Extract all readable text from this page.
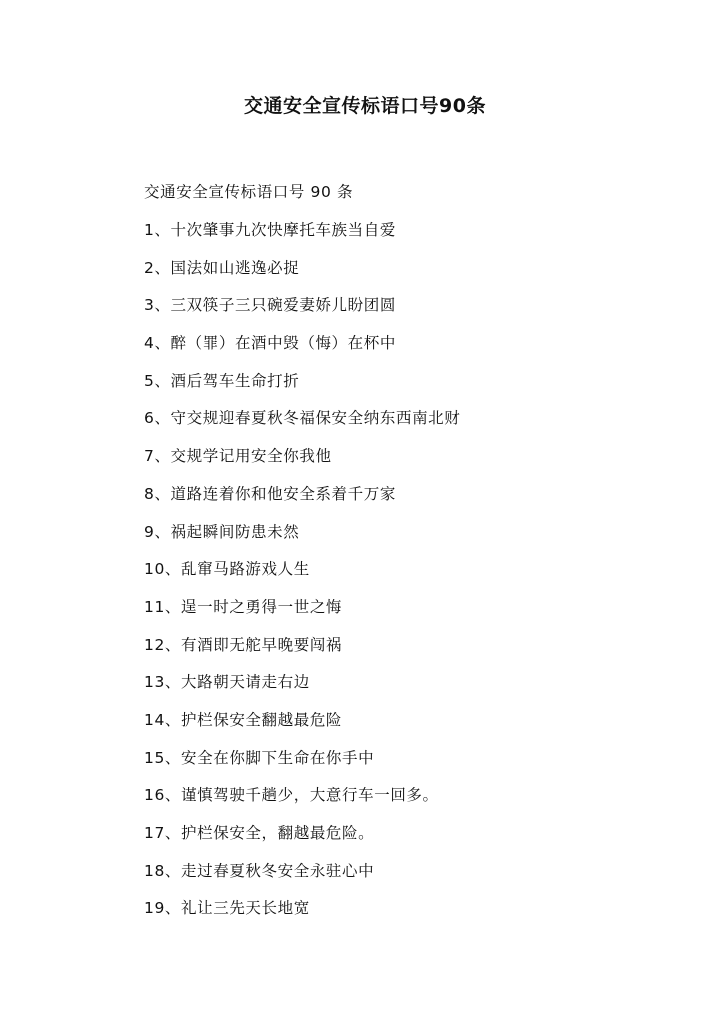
交通安全宣传标语口号90条

交通安全宣传标语口号 90 条

1、十次肇事九次快摩托车族当自爱
2、国法如山逃逸必捉
3、三双筷子三只碗爱妻娇儿盼团圆
4、醉（罪）在酒中毁（悔）在杯中
5、酒后驾车生命打折
6、守交规迎春夏秋冬福保安全纳东西南北财
7、交规学记用安全你我他
8、道路连着你和他安全系着千万家
9、祸起瞬间防患未然
10、乱窜马路游戏人生
11、逞一时之勇得一世之悔
12、有酒即无舵早晚要闯祸
13、大路朝天请走右边
14、护栏保安全翻越最危险
15、安全在你脚下生命在你手中
16、谨慎驾驶千趟少，大意行车一回多。
17、护栏保安全，翻越最危险。
18、走过春夏秋冬安全永驻心中
19、礼让三先天长地宽
